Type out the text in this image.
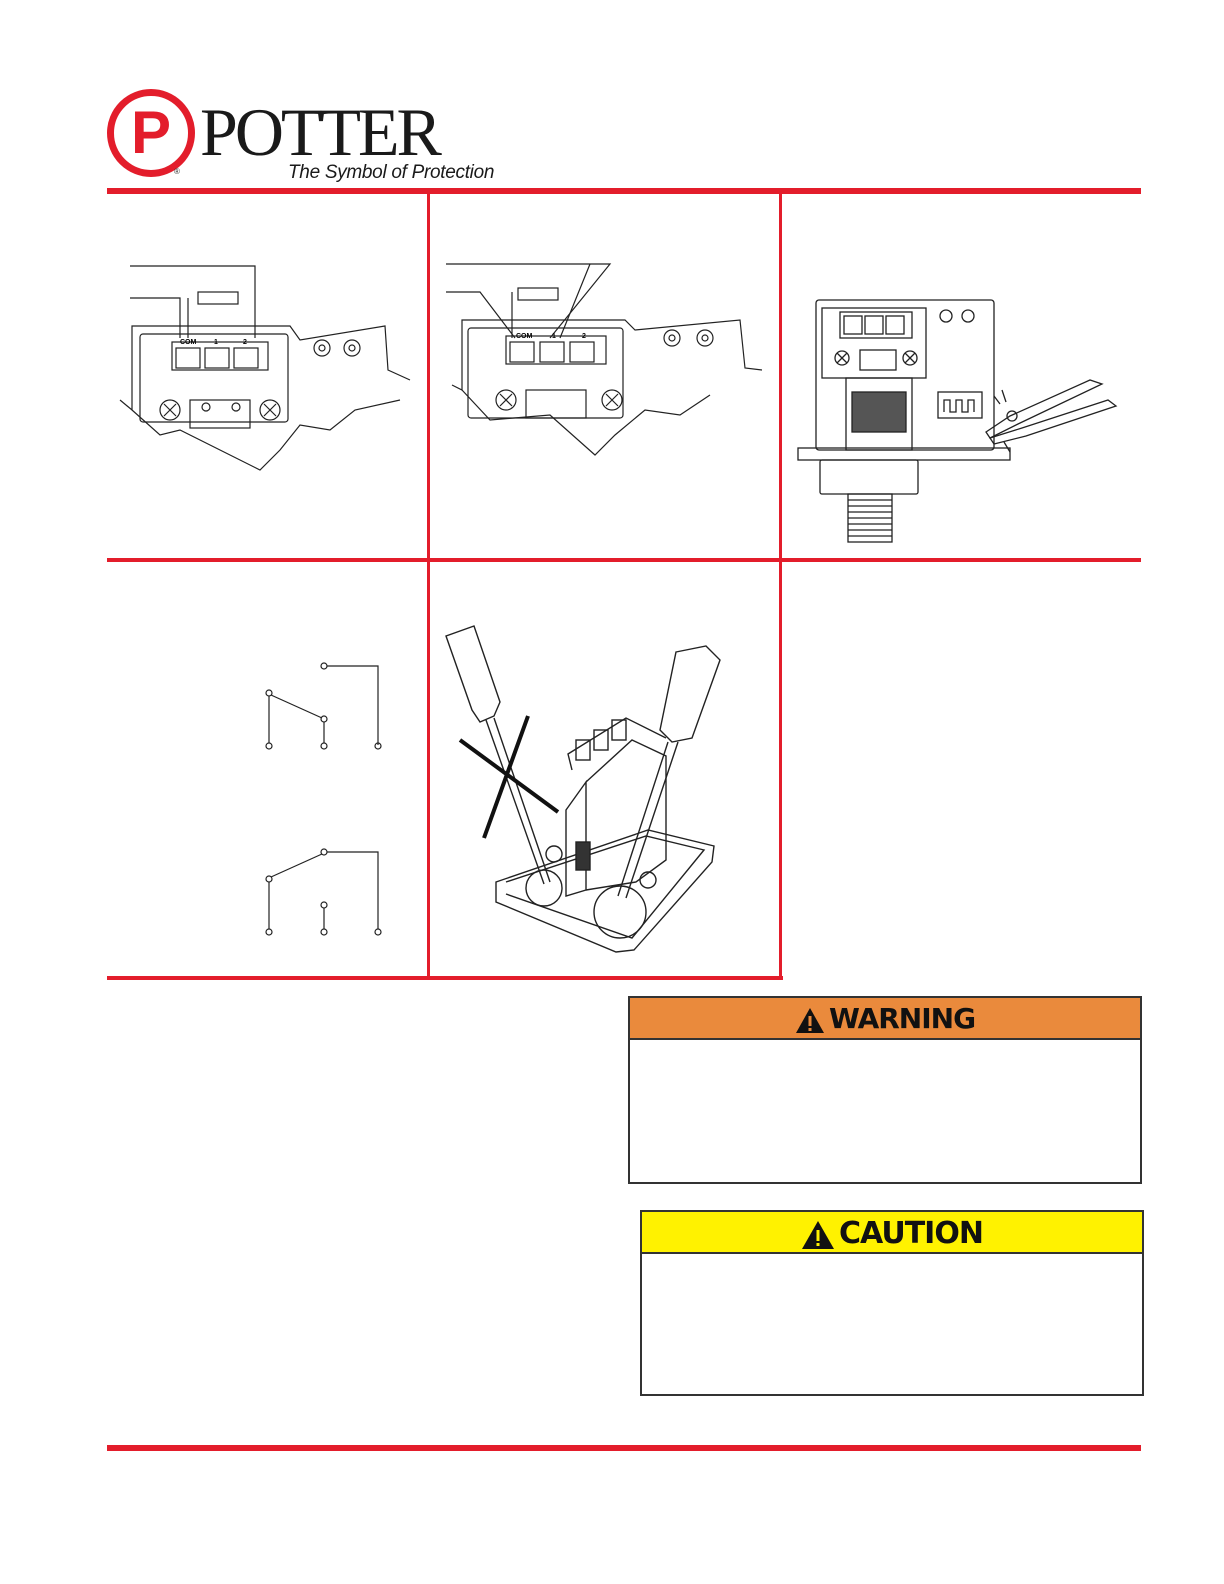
P
®
POTTER
The Symbol of Protection
COM	1	2
COM	1	2
WARNING
CAUTION
